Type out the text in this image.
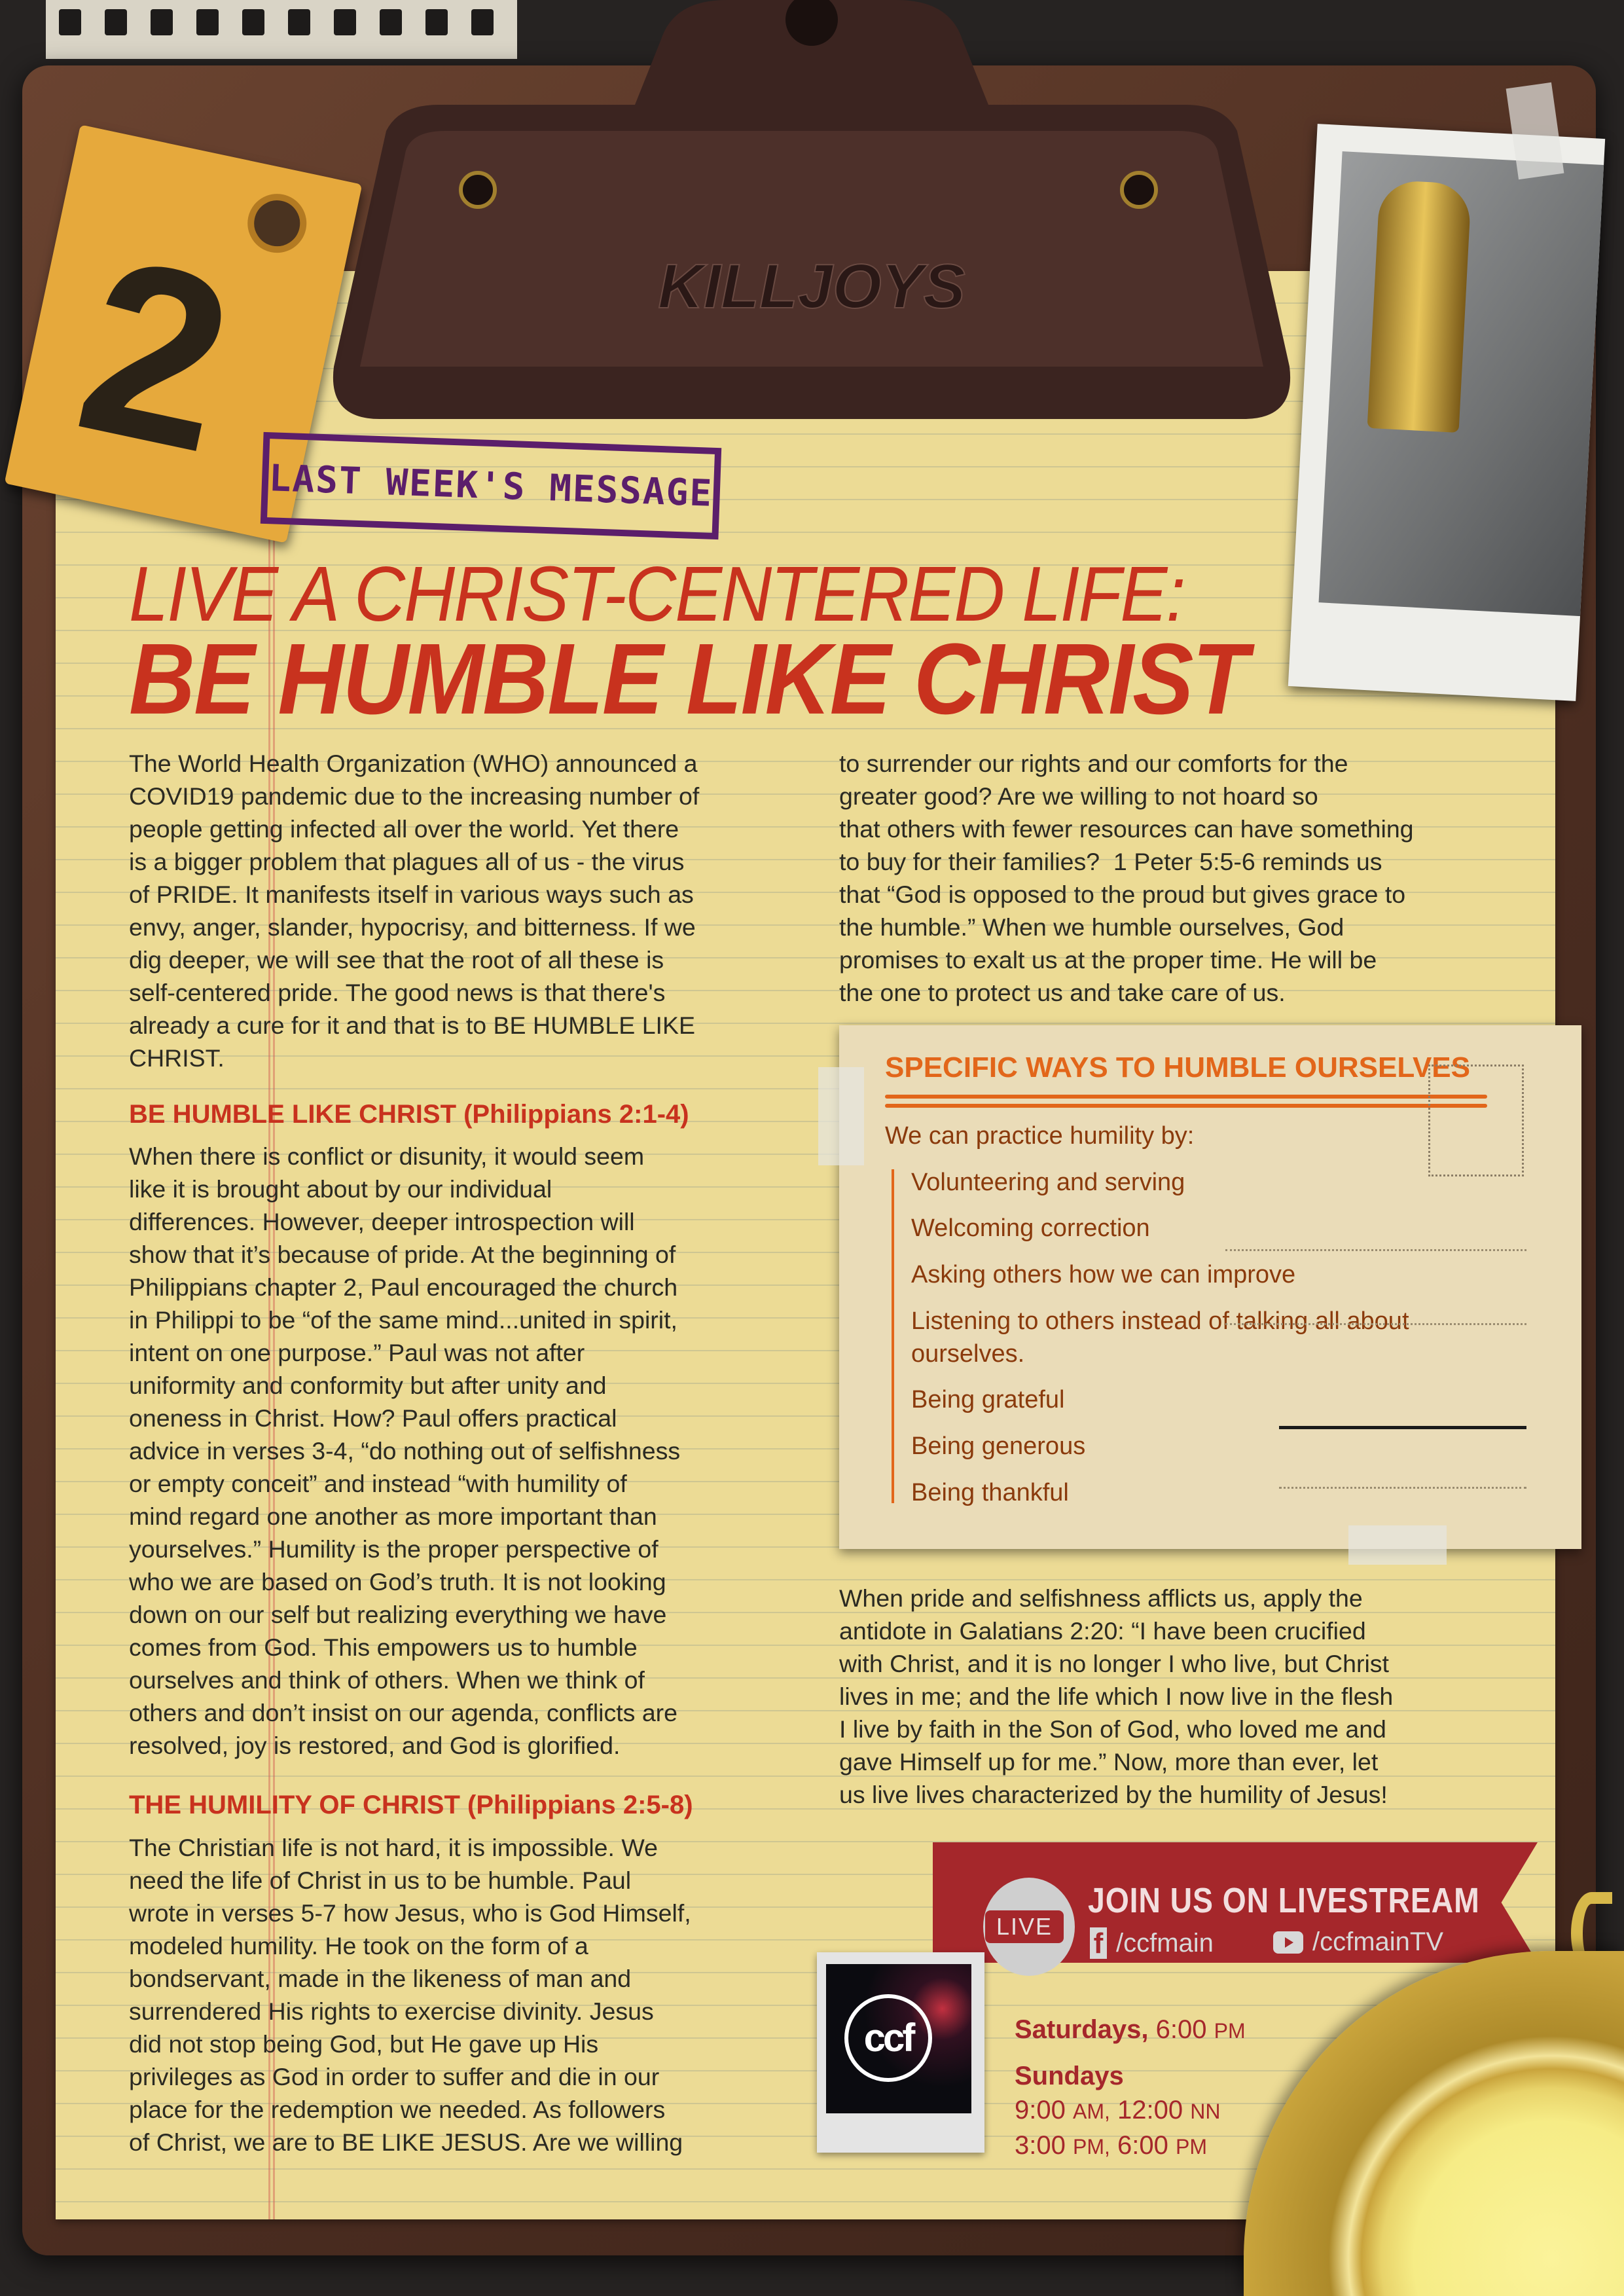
KILLJOYS
2 LAST WEEK'S MESSAGE
LIVE A CHRIST-CENTERED LIFE:
BE HUMBLE LIKE CHRIST
The World Health Organization (WHO) announced a
COVID19 pandemic due to the increasing number of
people getting infected all over the world. Yet there
is a bigger problem that plagues all of us - the virus
of PRIDE. It manifests itself in various ways such as
envy, anger, slander, hypocrisy, and bitterness. If we
dig deeper, we will see that the root of all these is
self-centered pride. The good news is that there's
already a cure for it and that is to BE HUMBLE LIKE
CHRIST.
BE HUMBLE LIKE CHRIST (Philippians 2:1-4)
When there is conflict or disunity, it would seem
like it is brought about by our individual
differences. However, deeper introspection will
show that it’s because of pride. At the beginning of
Philippians chapter 2, Paul encouraged the church
in Philippi to be “of the same mind...united in spirit,
intent on one purpose.” Paul was not after
uniformity and conformity but after unity and
oneness in Christ. How? Paul offers practical
advice in verses 3-4, “do nothing out of selfishness
or empty conceit” and instead “with humility of
mind regard one another as more important than
yourselves.” Humility is the proper perspective of
who we are based on God’s truth. It is not looking
down on our self but realizing everything we have
comes from God. This empowers us to humble
ourselves and think of others. When we think of
others and don’t insist on our agenda, conflicts are
resolved, joy is restored, and God is glorified.
THE HUMILITY OF CHRIST (Philippians 2:5-8)
The Christian life is not hard, it is impossible. We
need the life of Christ in us to be humble. Paul
wrote in verses 5-7 how Jesus, who is God Himself,
modeled humility. He took on the form of a
bondservant, made in the likeness of man and
surrendered His rights to exercise divinity. Jesus
did not stop being God, but He gave up His
privileges as God in order to suffer and die in our
place for the redemption we needed. As followers
of Christ, we are to BE LIKE JESUS. Are we willing
to surrender our rights and our comforts for the
greater good? Are we willing to not hoard so
that others with fewer resources can have something
to buy for their families?  1 Peter 5:5-6 reminds us
that “God is opposed to the proud but gives grace to
the humble.” When we humble ourselves, God
promises to exalt us at the proper time. He will be
the one to protect us and take care of us.
SPECIFIC WAYS TO HUMBLE OURSELVES
We can practice humility by:
Volunteering and serving
Welcoming correction
Asking others how we can improve
Listening to others instead of talking all about
ourselves.
Being grateful
Being generous
Being thankful
When pride and selfishness afflicts us, apply the
antidote in Galatians 2:20: “I have been crucified
with Christ, and it is no longer I who live, but Christ
lives in me; and the life which I now live in the flesh
I live by faith in the Son of God, who loved me and
gave Himself up for me.” Now, more than ever, let
us live lives characterized by the humility of Jesus!
LIVE
JOIN US ON LIVESTREAM
f /ccfmain	/ccfmainTV
ccf	Saturdays, 6:00 PM
Sundays
9:00 AM, 12:00 NN
3:00 PM, 6:00 PM
